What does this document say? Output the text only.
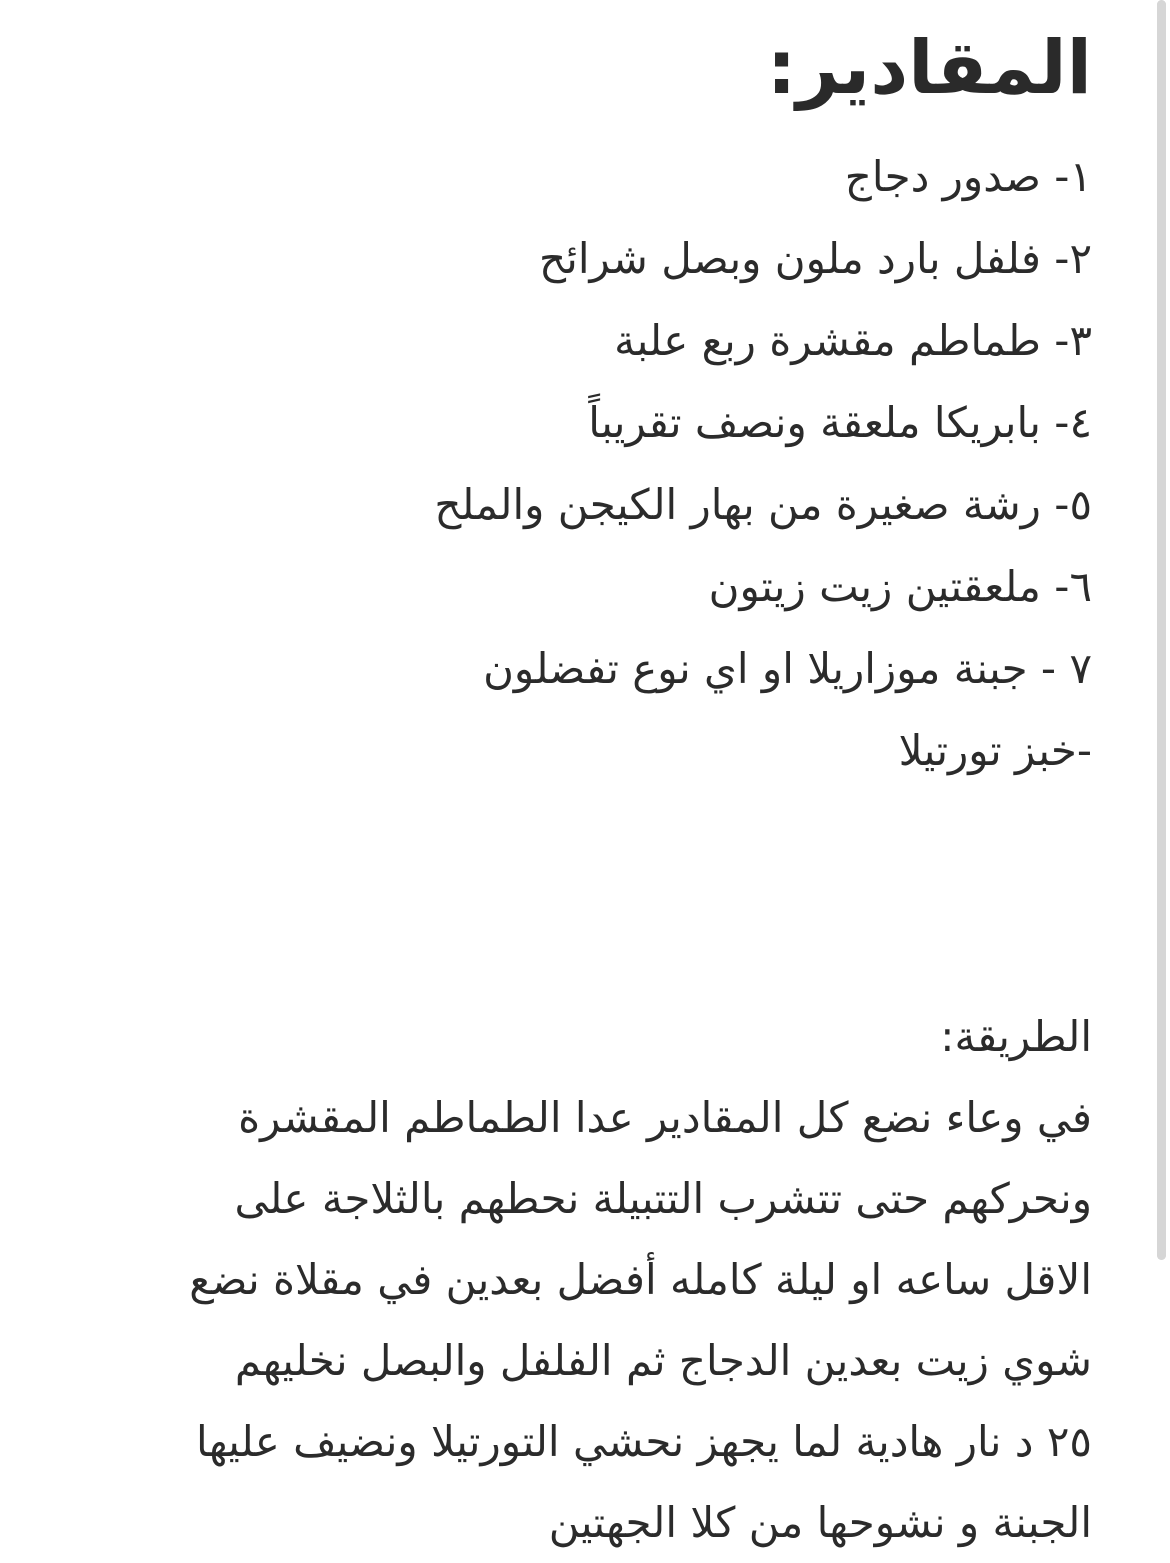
المقادير:
١- صدور دجاج
٢- فلفل بارد ملون وبصل شرائح
٣- طماطم مقشرة ربع علبة
٤- بابريكا ملعقة ونصف تقريباً
٥- رشة صغيرة من بهار الكيجن والملح
٦- ملعقتين زيت زيتون
٧ - جبنة موزاريلا او اي نوع تفضلون
-خبز تورتيلا

الطريقة:

في وعاء نضع كل المقادير عدا الطماطم المقشرة
ونحركهم حتى تتشرب التتبيلة نحطهم بالثلاجة على
الاقل ساعه او ليلة كامله أفضل بعدين في مقلاة نضع
شوي زيت بعدين الدجاج ثم الفلفل والبصل نخليهم
٢٥ د نار هادية لما يجهز نحشي التورتيلا ونضيف عليها
الجبنة و نشوحها من كلا الجهتين
